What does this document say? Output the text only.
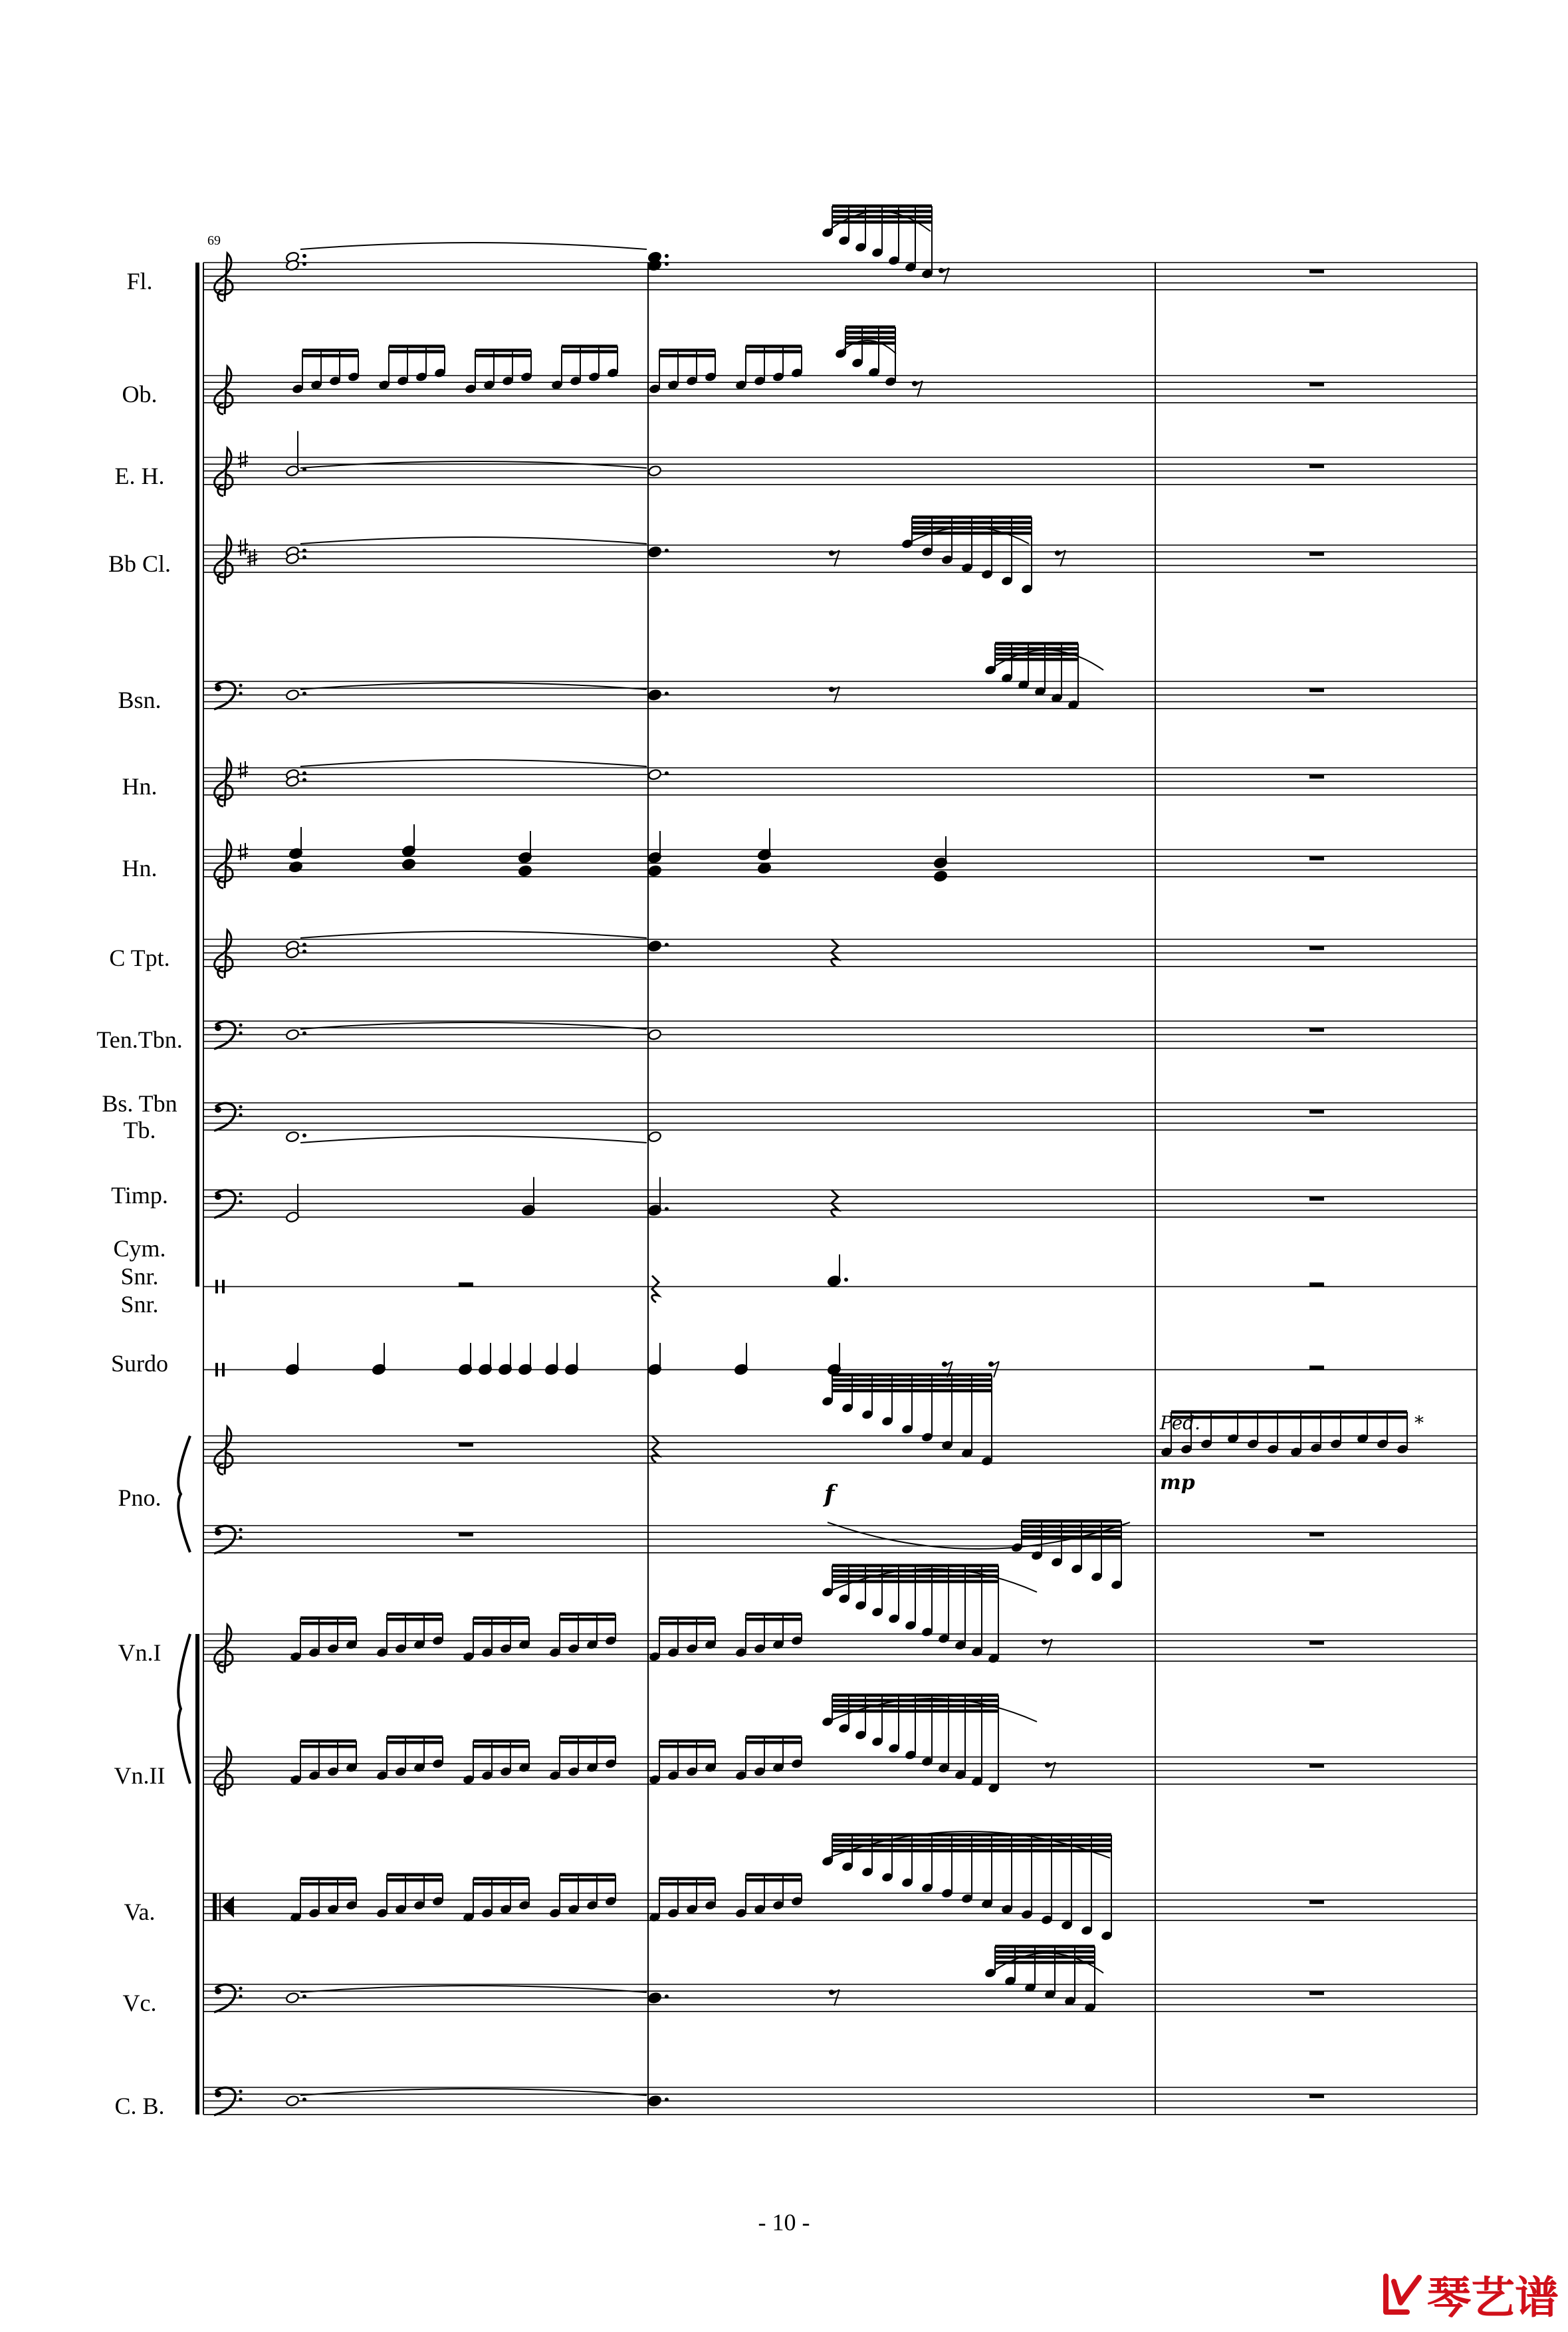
69
Fl.
Ob.
E. H.
Bb Cl.
Bsn.
Hn.
Hn.
C Tpt.
Ten.Tbn.
Bs. Tbn
Tb.
Timp.
Cym.
Snr.
Snr.
Surdo
Pno.
Vn.I
Vn.II
Va.
Vc.
C. B.
f	mp
Ped.	*
- 10 -
琴艺谱
